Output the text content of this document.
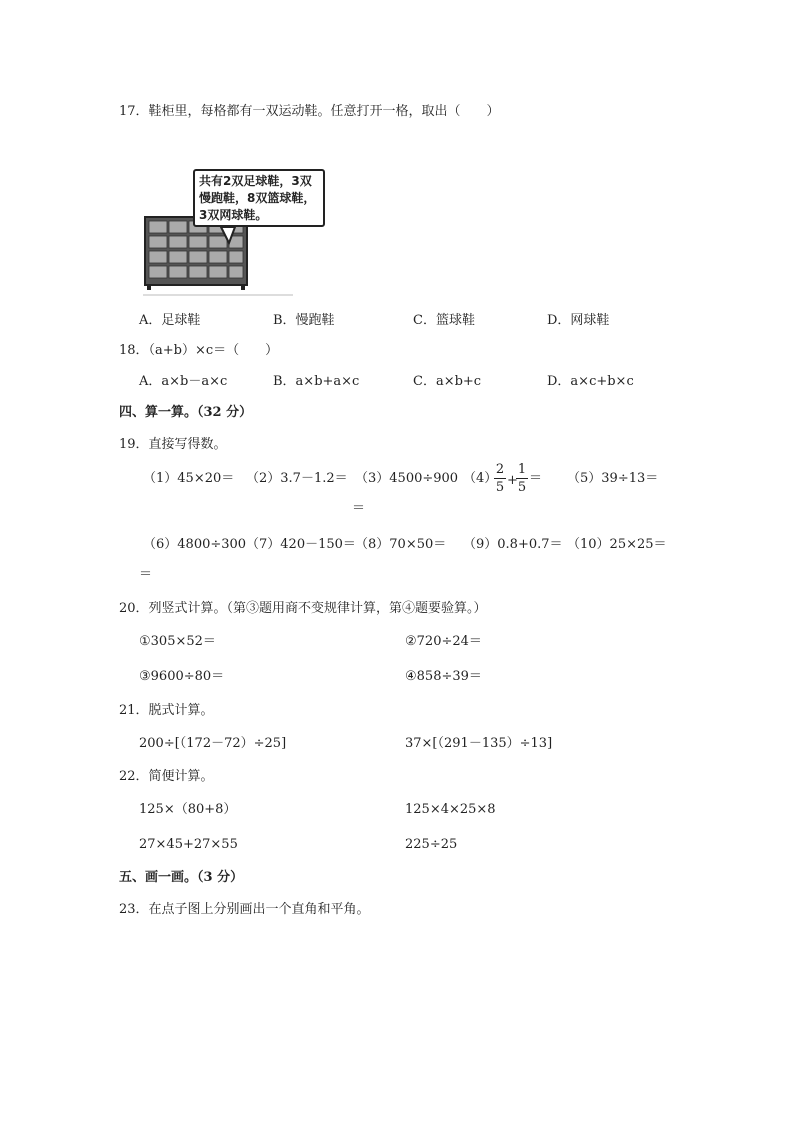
17．鞋柜里，每格都有一双运动鞋。任意打开一格，取出（　　）
共有2双足球鞋，3双慢跑鞋，8双篮球鞋，3双网球鞋。
A．足球鞋	B．慢跑鞋	C．篮球鞋	D．网球鞋
18．（a+b）×c＝（　　）
A．a×b－a×c	B．a×b+a×c	C．a×b+c	D．a×c+b×c
四、算一算。（32 分）
19．直接写得数。
（1）45×20＝ （2）3.7－1.2＝ （3）4500÷900 （4）
2
5 +
1
5
＝ （5）39÷13＝
＝
（6）4800÷300 （7）420－150＝ （8）70×50＝ （9）0.8+0.7＝ （10）25×25＝
＝
20．列竖式计算。（第③题用商不变规律计算，第④题要验算。）
①305×52＝	②720÷24＝
③9600÷80＝	④858÷39＝
21．脱式计算。
200÷[（172－72）÷25]	37×[（291－135）÷13]
22．简便计算。
125×（80+8）	125×4×25×8
27×45+27×55	225÷25
五、画一画。（3 分）
23．在点子图上分别画出一个直角和平角。
